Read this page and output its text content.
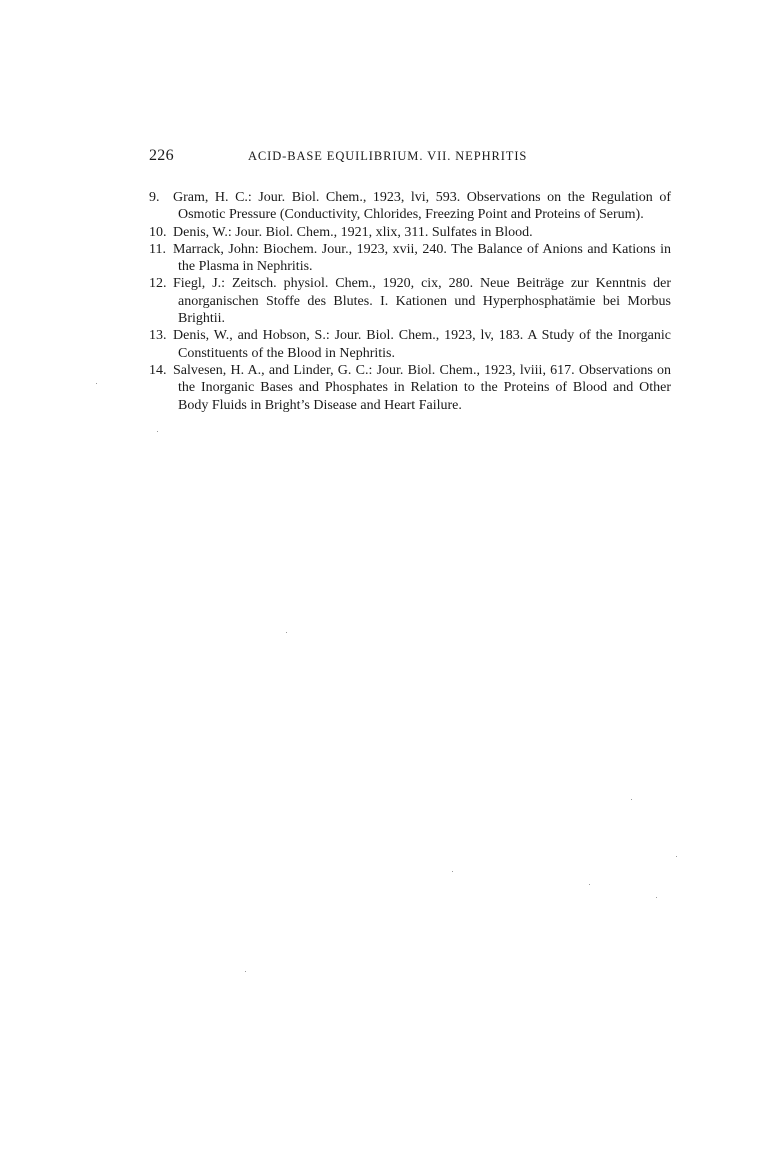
226	ACID-BASE EQUILIBRIUM. VII. NEPHRITIS
9. Gram, H. C.: Jour. Biol. Chem., 1923, lvi, 593. Observations on the Regulation of Osmotic Pressure (Conductivity, Chlorides, Freezing Point and Proteins of Serum).
10. Denis, W.: Jour. Biol. Chem., 1921, xlix, 311. Sulfates in Blood.
11. Marrack, John: Biochem. Jour., 1923, xvii, 240. The Balance of Anions and Kations in the Plasma in Nephritis.
12. Fiegl, J.: Zeitsch. physiol. Chem., 1920, cix, 280. Neue Beiträge zur Kenntnis der anorganischen Stoffe des Blutes. I. Kationen und Hyperphosphatämie bei Morbus Brightii.
13. Denis, W., and Hobson, S.: Jour. Biol. Chem., 1923, lv, 183. A Study of the Inorganic Constituents of the Blood in Nephritis.
14. Salvesen, H. A., and Linder, G. C.: Jour. Biol. Chem., 1923, lviii, 617. Observations on the Inorganic Bases and Phosphates in Relation to the Proteins of Blood and Other Body Fluids in Bright’s Disease and Heart Failure.
